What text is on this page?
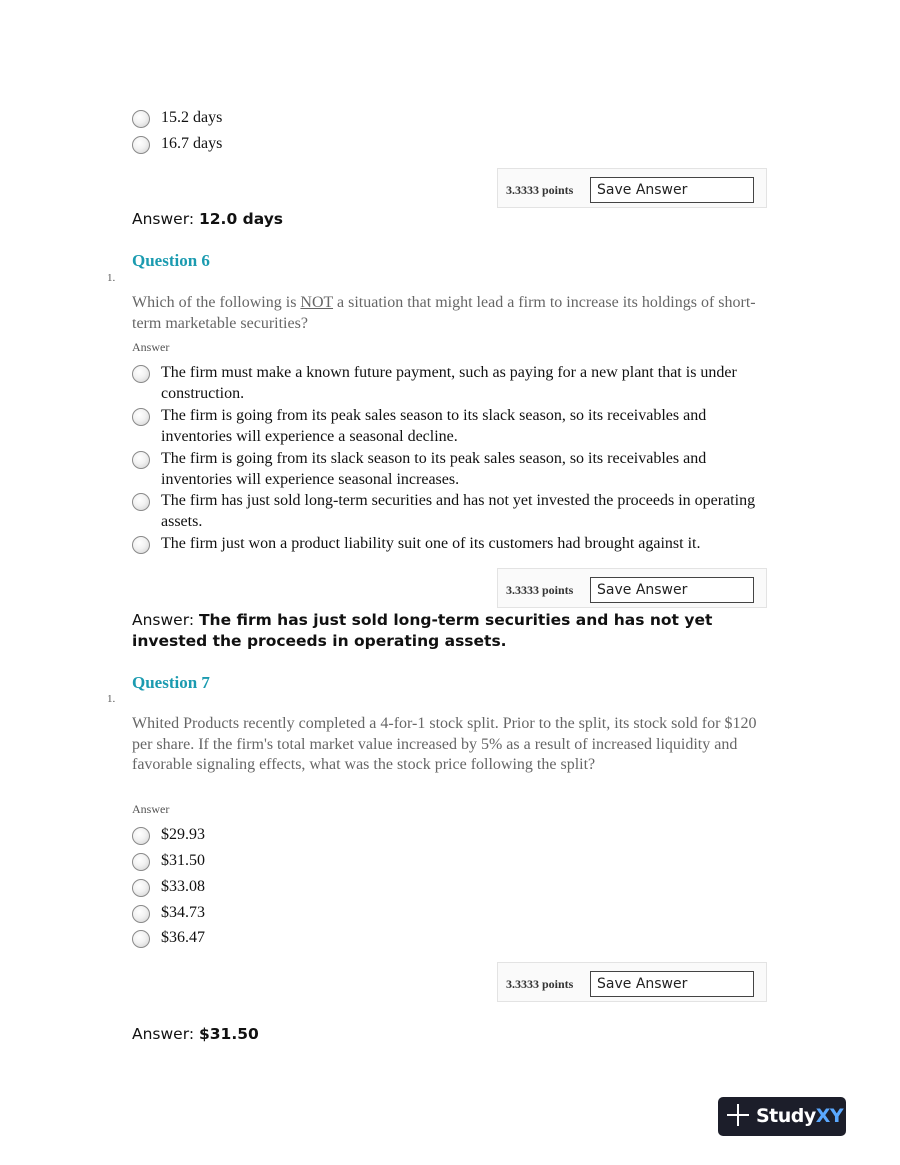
15.2 days
16.7 days
3.3333 points	Save Answer
Answer: 12.0 days
Question 6
1.
Which of the following is NOT a situation that might lead a firm to increase its holdings of short-term marketable securities?
Answer
The firm must make a known future payment, such as paying for a new plant that is under construction.
The firm is going from its peak sales season to its slack season, so its receivables and inventories will experience a seasonal decline.
The firm is going from its slack season to its peak sales season, so its receivables and inventories will experience seasonal increases.
The firm has just sold long-term securities and has not yet invested the proceeds in operating assets.
The firm just won a product liability suit one of its customers had brought against it.
3.3333 points	Save Answer
Answer: The firm has just sold long-term securities and has not yet invested the proceeds in operating assets.
Question 7
1.
Whited Products recently completed a 4-for-1 stock split. Prior to the split, its stock sold for $120 per share. If the firm's total market value increased by 5% as a result of increased liquidity and favorable signaling effects, what was the stock price following the split?
Answer
$29.93
$31.50
$33.08
$34.73
$36.47
3.3333 points	Save Answer
Answer: $31.50
StudyXY
